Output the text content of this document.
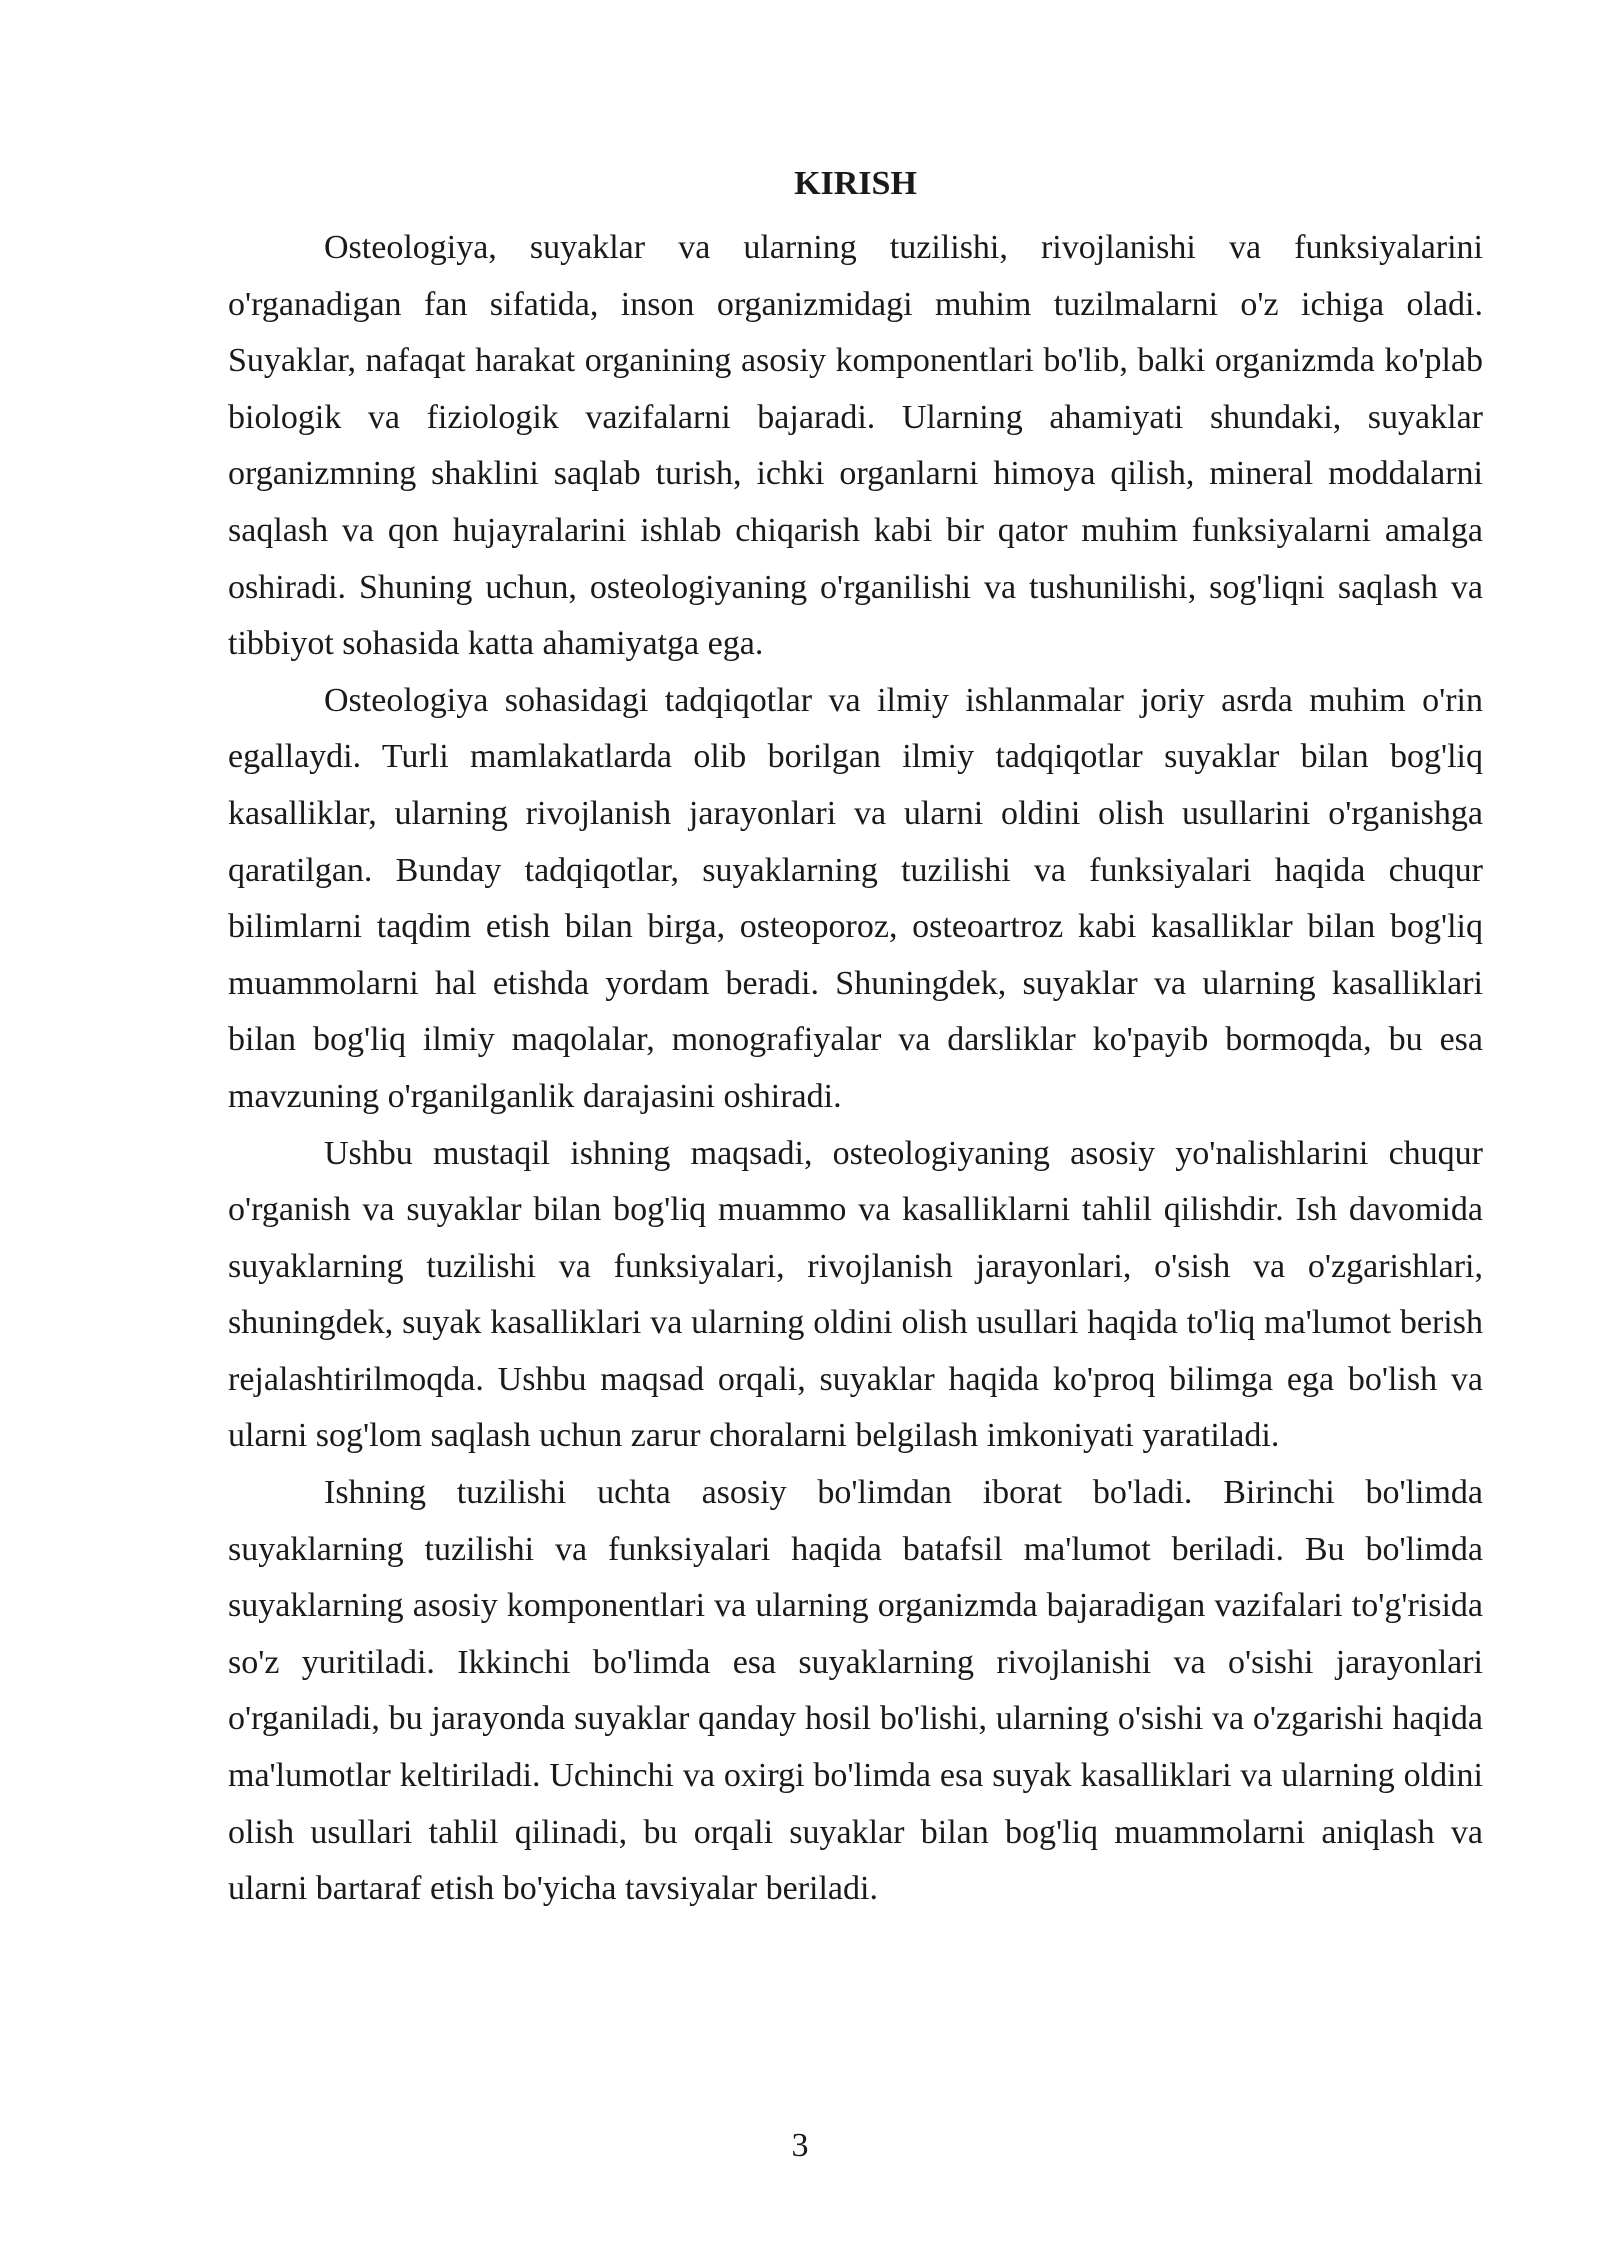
KIRISH

Osteologiya, suyaklar va ularning tuzilishi, rivojlanishi va funksiyalarini o'rganadigan fan sifatida, inson organizmidagi muhim tuzilmalarni o'z ichiga oladi. Suyaklar, nafaqat harakat organining asosiy komponentlari bo'lib, balki organizmda ko'plab biologik va fiziologik vazifalarni bajaradi. Ularning ahamiyati shundaki, suyaklar organizmning shaklini saqlab turish, ichki organlarni himoya qilish, mineral moddalarni saqlash va qon hujayralarini ishlab chiqarish kabi bir qator muhim funksiyalarni amalga oshiradi. Shuning uchun, osteologiyaning o'rganilishi va tushunilishi, sog'liqni saqlash va tibbiyot sohasida katta ahamiyatga ega.

Osteologiya sohasidagi tadqiqotlar va ilmiy ishlanmalar joriy asrda muhim o'rin egallaydi. Turli mamlakatlarda olib borilgan ilmiy tadqiqotlar suyaklar bilan bog'liq kasalliklar, ularning rivojlanish jarayonlari va ularni oldini olish usullarini o'rganishga qaratilgan. Bunday tadqiqotlar, suyaklarning tuzilishi va funksiyalari haqida chuqur bilimlarni taqdim etish bilan birga, osteoporoz, osteoartroz kabi kasalliklar bilan bog'liq muammolarni hal etishda yordam beradi. Shuningdek, suyaklar va ularning kasalliklari bilan bog'liq ilmiy maqolalar, monografiyalar va darsliklar ko'payib bormoqda, bu esa mavzuning o'rganilganlik darajasini oshiradi.

Ushbu mustaqil ishning maqsadi, osteologiyaning asosiy yo'nalishlarini chuqur o'rganish va suyaklar bilan bog'liq muammo va kasalliklarni tahlil qilishdir. Ish davomida suyaklarning tuzilishi va funksiyalari, rivojlanish jarayonlari, o'sish va o'zgarishlari, shuningdek, suyak kasalliklari va ularning oldini olish usullari haqida to'liq ma'lumot berish rejalashtirilmoqda. Ushbu maqsad orqali, suyaklar haqida ko'proq bilimga ega bo'lish va ularni sog'lom saqlash uchun zarur choralarni belgilash imkoniyati yaratiladi.

Ishning tuzilishi uchta asosiy bo'limdan iborat bo'ladi. Birinchi bo'limda suyaklarning tuzilishi va funksiyalari haqida batafsil ma'lumot beriladi. Bu bo'limda suyaklarning asosiy komponentlari va ularning organizmda bajaradigan vazifalari to'g'risida so'z yuritiladi. Ikkinchi bo'limda esa suyaklarning rivojlanishi va o'sishi jarayonlari o'rganiladi, bu jarayonda suyaklar qanday hosil bo'lishi, ularning o'sishi va o'zgarishi haqida ma'lumotlar keltiriladi. Uchinchi va oxirgi bo'limda esa suyak kasalliklari va ularning oldini olish usullari tahlil qilinadi, bu orqali suyaklar bilan bog'liq muammolarni aniqlash va ularni bartaraf etish bo'yicha tavsiyalar beriladi.

3
